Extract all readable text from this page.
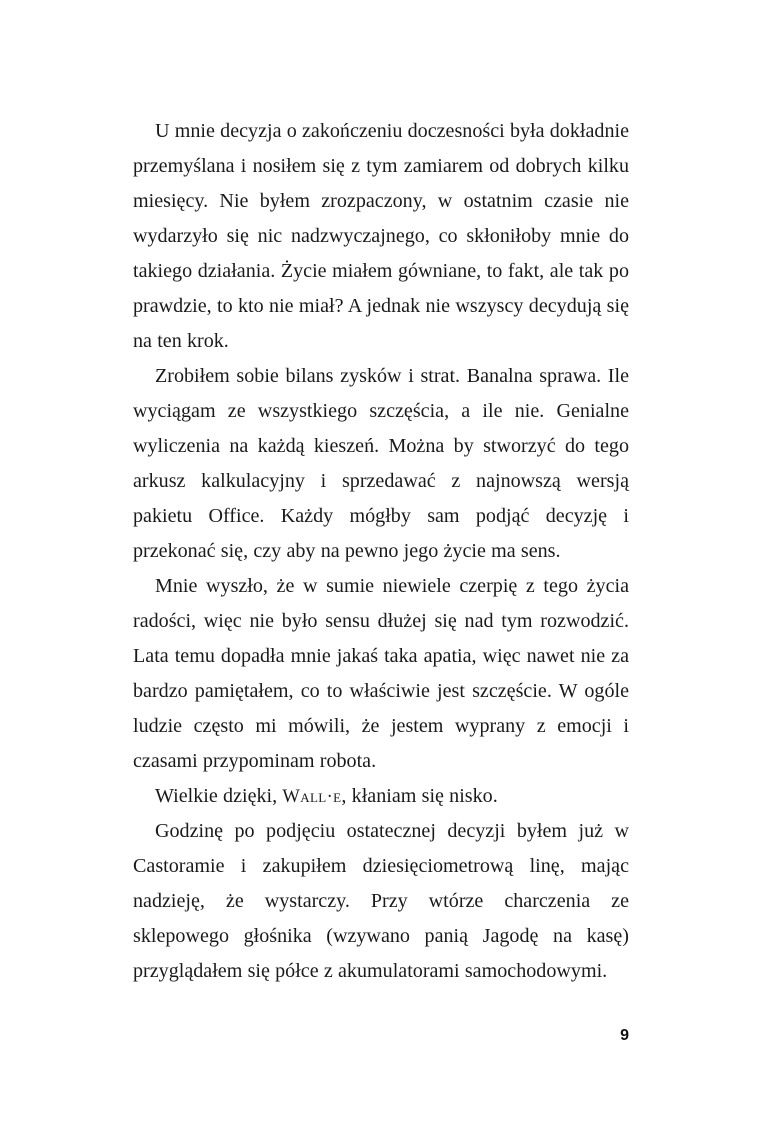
U mnie decyzja o zakończeniu doczesności była dokładnie przemyślana i nosiłem się z tym zamiarem od dobrych kilku miesięcy. Nie byłem zrozpaczony, w ostatnim czasie nie wydarzyło się nic nadzwyczajnego, co skłoniłoby mnie do takiego działania. Życie miałem gówniane, to fakt, ale tak po prawdzie, to kto nie miał? A jednak nie wszyscy decydują się na ten krok.

Zrobiłem sobie bilans zysków i strat. Banalna sprawa. Ile wyciągam ze wszystkiego szczęścia, a ile nie. Genialne wyliczenia na każdą kieszeń. Można by stworzyć do tego arkusz kalkulacyjny i sprzedawać z najnowszą wersją pakietu Office. Każdy mógłby sam podjąć decyzję i przekonać się, czy aby na pewno jego życie ma sens.

Mnie wyszło, że w sumie niewiele czerpię z tego życia radości, więc nie było sensu dłużej się nad tym rozwodzić. Lata temu dopadła mnie jakaś taka apatia, więc nawet nie za bardzo pamiętałem, co to właściwie jest szczęście. W ogóle ludzie często mi mówili, że jestem wyprany z emocji i czasami przypominam robota.

Wielkie dzięki, Wall·e, kłaniam się nisko.

Godzinę po podjęciu ostatecznej decyzji byłem już w Castoramie i zakupiłem dziesięciometrową linę, mając nadzieję, że wystarczy. Przy wtórze charczenia ze sklepowego głośnika (wzywano panią Jagodę na kasę) przyglądałem się półce z akumulatorami samochodowymi.

9
